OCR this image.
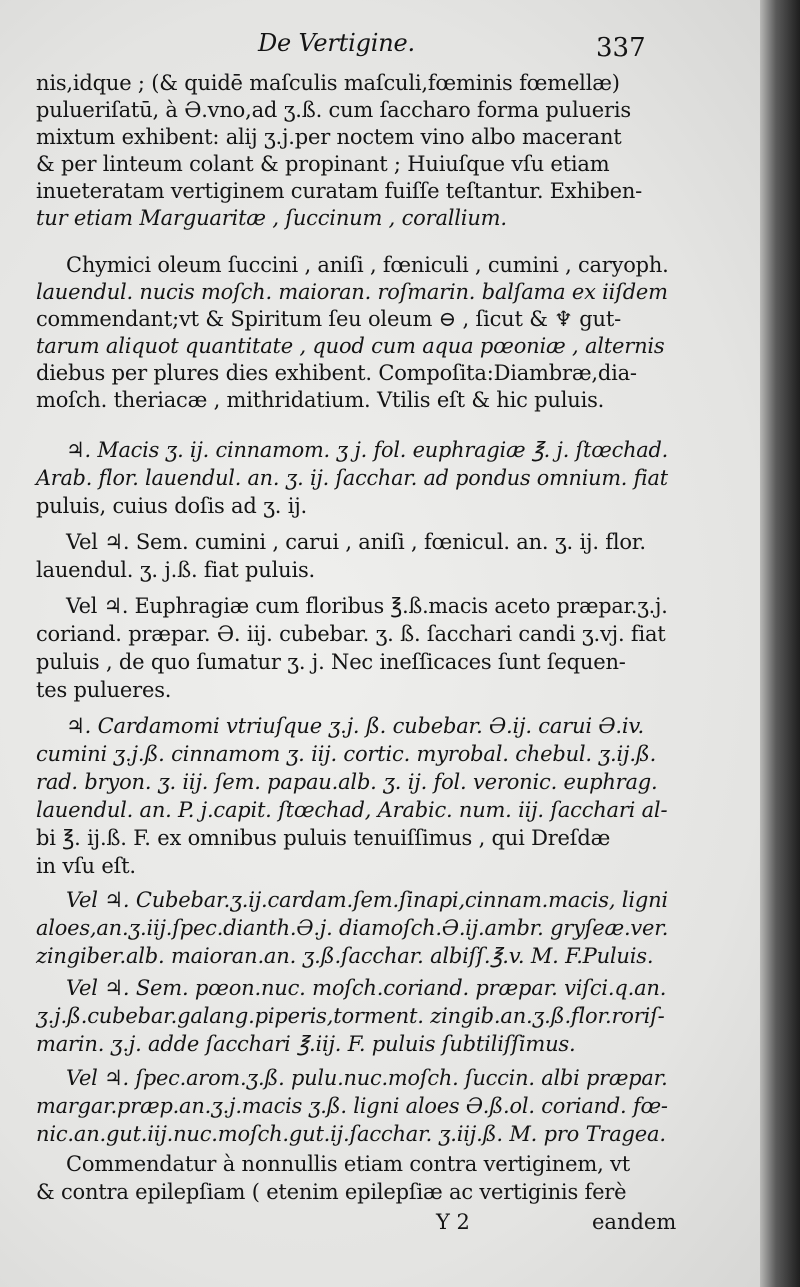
De Vertigine.	337
nis,idque ; (& quidē maſculis maſculi,fœminis fœmellæ)
pulueriſatū, à Ə.vno,ad ʒ.ß. cum ſaccharo forma pulueris
mixtum exhibent: alij ʒ.j.per noctem vino albo macerant
& per linteum colant & propinant ; Huiuſque vſu etiam
inueteratam vertiginem curatam fuiſſe teſtantur. Exhiben-
tur etiam Marguaritæ , ſuccinum , corallium.
Chymici oleum ſuccini , aniſi , fœniculi , cumini , caryoph.
lauendul. nucis moſch. maioran. roſmarin. balſama ex iiſdem
commendant;vt & Spiritum ſeu oleum ⊖ , ſicut & ♆ gut-
tarum aliquot quantitate , quod cum aqua pœoniæ , alternis
diebus per plures dies exhibent. Compoſita:Diambræ,dia-
moſch. theriacæ , mithridatium. Vtilis eſt & hic puluis.
♃. Macis ʒ. ij. cinnamom. ʒ j. fol. euphragiæ ℥. j. ſtœchad.
Arab. flor. lauendul. an. ʒ. ij. ſacchar. ad pondus omnium. fiat
puluis, cuius doſis ad ʒ. ij.
Vel ♃. Sem. cumini , carui , aniſi , fœnicul. an. ʒ. ij. flor.
lauendul. ʒ. j.ß. fiat puluis.
Vel ♃. Euphragiæ cum floribus ℥.ß.macis aceto præpar.ʒ.j.
coriand. præpar. Ə. iij. cubebar. ʒ. ß. ſacchari candi ʒ.vj. fiat
puluis , de quo ſumatur ʒ. j. Nec ineſſicaces ſunt ſequen-
tes pulueres.
♃. Cardamomi vtriuſque ʒ.j. ß. cubebar. Ə.ij. carui Ə.iv.
cumini ʒ.j.ß. cinnamom ʒ. iij. cortic. myrobal. chebul. ʒ.ij.ß.
rad. bryon. ʒ. iij. ſem. papau.alb. ʒ. ij. fol. veronic. euphrag.
lauendul. an. P. j.capit. ſtœchad, Arabic. num. iij. ſacchari al-
bi ℥. ij.ß. F. ex omnibus puluis tenuiſſimus , qui Dreſdæ
in vſu eſt.
Vel ♃. Cubebar.ʒ.ij.cardam.ſem.ſinapi,cinnam.macis, ligni
aloes,an.ʒ.iij.ſpec.dianth.Ə.j. diamoſch.Ə.ij.ambr. gryſeæ.ver.
zingiber.alb. maioran.an. ʒ.ß.ſacchar. albiſſ.℥.v. M. F.Puluis.
Vel ♃. Sem. pœon.nuc. moſch.coriand. præpar. viſci.q.an.
ʒ.j.ß.cubebar.galang.piperis,torment. zingib.an.ʒ.ß.flor.roriſ-
marin. ʒ.j. adde ſacchari ℥.iij. F. puluis ſubtiliſſimus.
Vel ♃. ſpec.arom.ʒ.ß. pulu.nuc.moſch. ſuccin. albi præpar.
margar.præp.an.ʒ.j.macis ʒ.ß. ligni aloes Ə.ß.ol. coriand. fœ-
nic.an.gut.iij.nuc.moſch.gut.ij.ſacchar. ʒ.iij.ß. M. pro Tragea.
Commendatur à nonnullis etiam contra vertiginem, vt
& contra epilepſiam ( etenim epilepſiæ ac vertiginis ferè
Y 2	eandem
